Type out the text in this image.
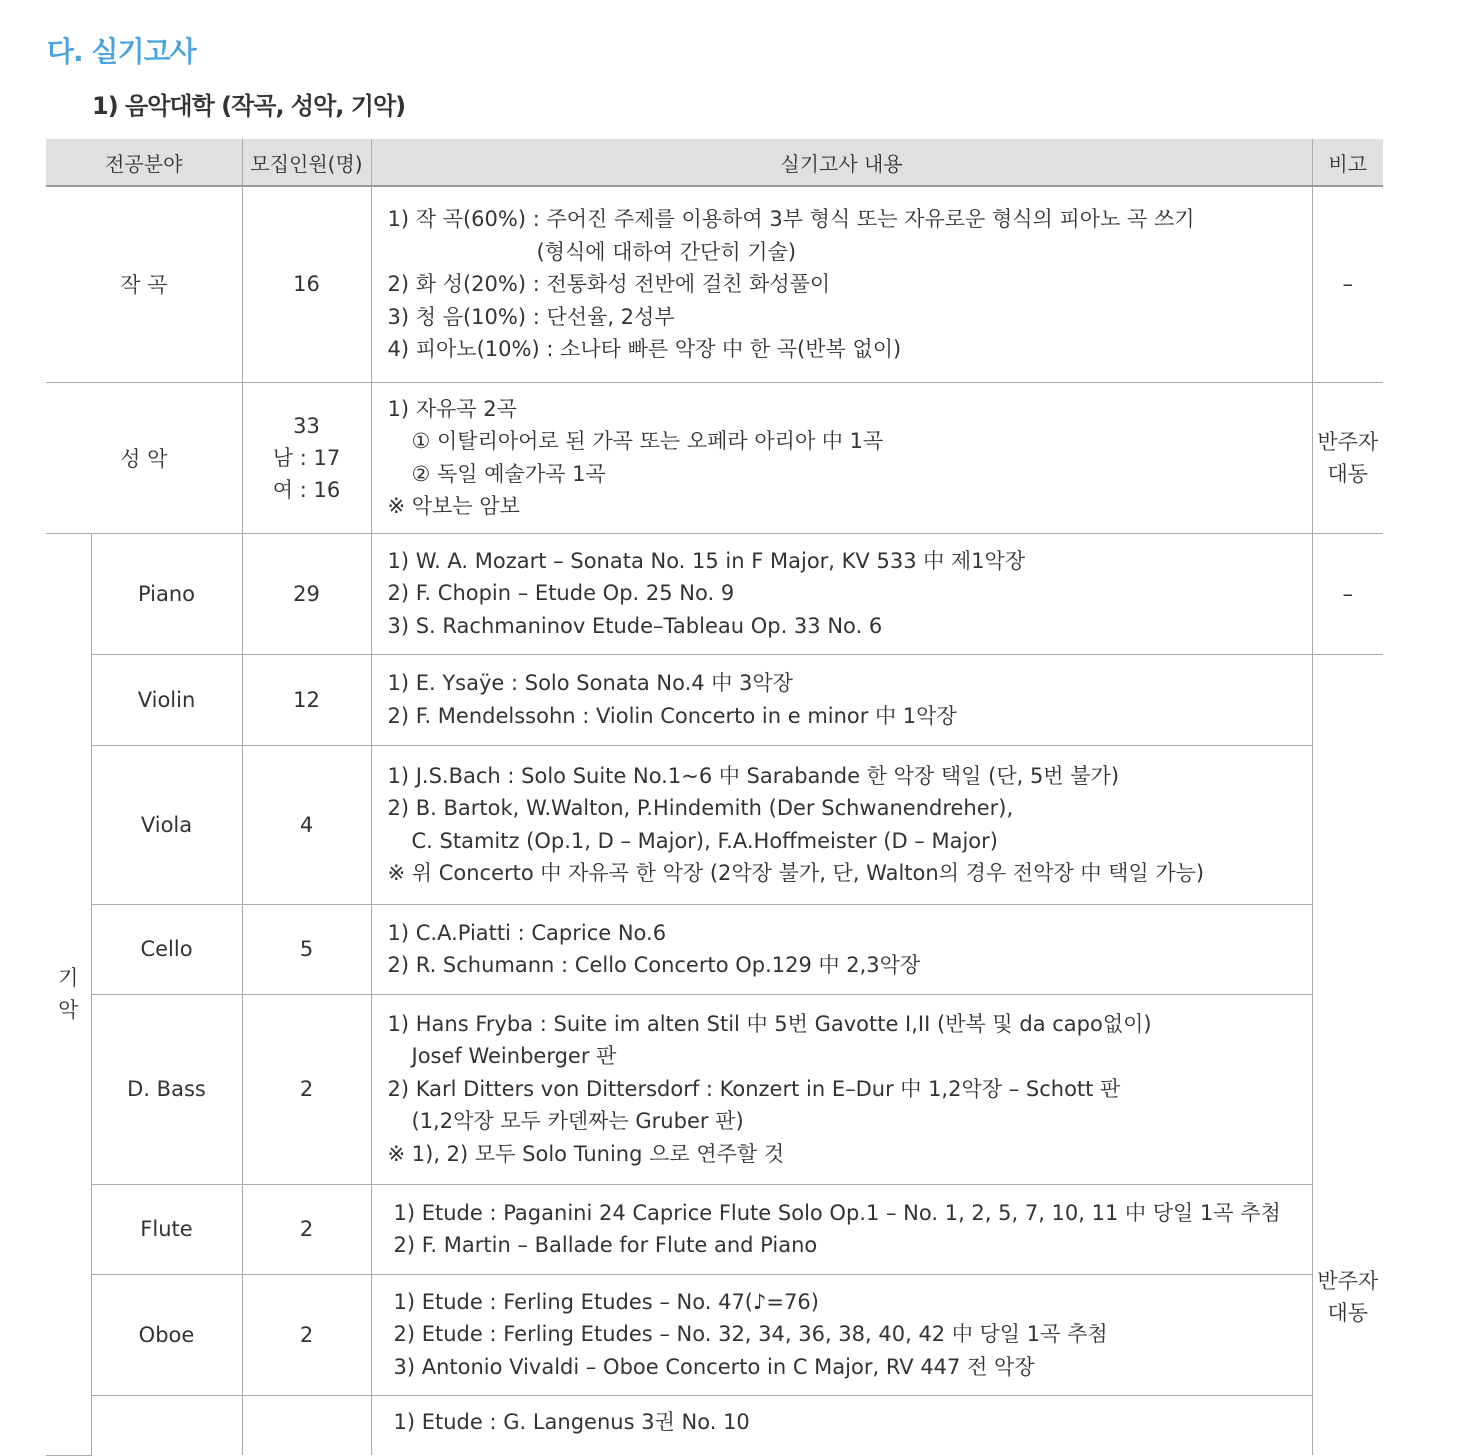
다. 실기고사
1) 음악대학 (작곡, 성악, 기악)
전공분야		모집인원(명)	실기고사 내용	비고
작 곡		16	1) 작 곡(60%) : 주어진 주제를 이용하여 3부 형식 또는 자유로운 형식의 피아노 곡 쓰기
(형식에 대하여 간단히 기술)
2) 화 성(20%) : 전통화성 전반에 걸친 화성풀이
3) 청 음(10%) : 단선율, 2성부
4) 피아노(10%) : 소나타 빠른 악장 中 한 곡(반복 없이)	–
성 악		33
남 : 17
여 : 16	1) 자유곡 2곡
① 이탈리아어로 된 가곡 또는 오페라 아리아 中 1곡
② 독일 예술가곡 1곡
※ 악보는 암보	반주자
대동

기
악	Piano	29	1) W. A. Mozart – Sonata No. 15 in F Major, KV 533 中 제1악장
2) F. Chopin – Etude Op. 25 No. 9
3) S. Rachmaninov Etude–Tableau Op. 33 No. 6	–
	Violin	12	1) E. Ysaÿe : Solo Sonata No.4 中 3악장
2) F. Mendelssohn : Violin Concerto in e minor 中 1악장	반주자
대동

	Viola	4	1) J.S.Bach : Solo Suite No.1~6 中 Sarabande 한 악장 택일 (단, 5번 불가)
2) B. Bartok, W.Walton, P.Hindemith (Der Schwanendreher),
C. Stamitz (Op.1, D – Major), F.A.Hoffmeister (D – Major)
※ 위 Concerto 中 자유곡 한 악장 (2악장 불가, 단, Walton의 경우 전악장 中 택일 가능)	

	Cello	5	1) C.A.Piatti : Caprice No.6
2) R. Schumann : Cello Concerto Op.129 中 2,3악장	

	D. Bass	2	1) Hans Fryba : Suite im alten Stil 中 5번 Gavotte I,II (반복 및 da capo없이)
Josef Weinberger 판
2) Karl Ditters von Dittersdorf : Konzert in E–Dur 中 1,2악장 – Schott 판
(1,2악장 모두 카덴짜는 Gruber 판)
※ 1), 2) 모두 Solo Tuning 으로 연주할 것	

	Flute	2	1) Etude : Paganini 24 Caprice Flute Solo Op.1 – No. 1, 2, 5, 7, 10, 11 中 당일 1곡 추첨
2) F. Martin – Ballade for Flute and Piano	

	Oboe	2	1) Etude : Ferling Etudes – No. 47(♪=76)
2) Etude : Ferling Etudes – No. 32, 34, 36, 38, 40, 42 中 당일 1곡 추첨
3) Antonio Vivaldi – Oboe Concerto in C Major, RV 447 전 악장	

			1) Etude : G. Langenus 3권 No. 10	
